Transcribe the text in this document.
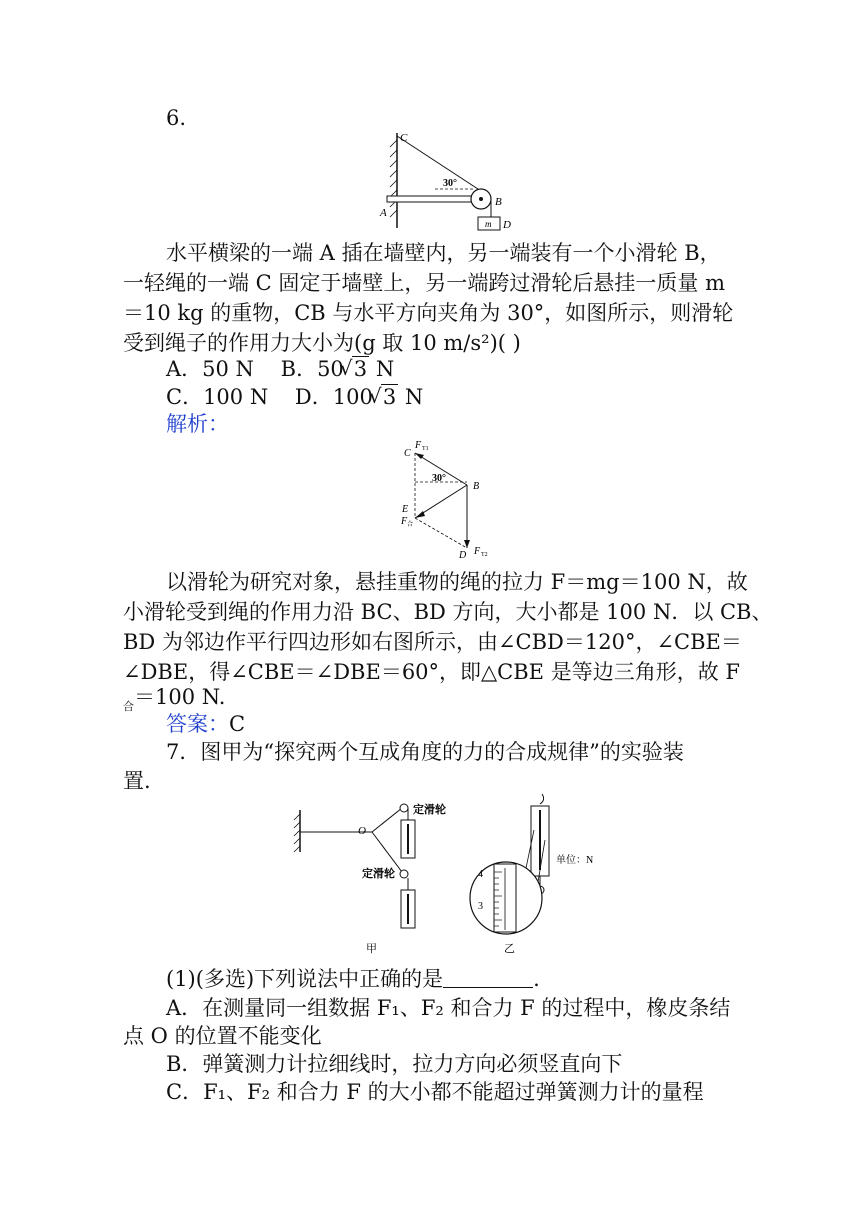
6.
C
A
B
D
30°
m
水平横梁的一端 A 插在墙壁内，另一端装有一个小滑轮 B，
一轻绳的一端 C 固定于墙壁上，另一端跨过滑轮后悬挂一质量 m
＝10 kg 的重物，CB 与水平方向夹角为 30°，如图所示，则滑轮
受到绳子的作用力大小为(g 取 10 m/s²)( )
A．50 N B．50 √ 3 N
C．100 N D．100 √ 3 N
解析：
C
F T1
30°
B
E
F 合
D F T2
以滑轮为研究对象，悬挂重物的绳的拉力 F＝mg＝100 N，故
小滑轮受到绳的作用力沿 BC、BD 方向，大小都是 100 N．以 CB、
BD 为邻边作平行四边形如右图所示，由∠CBD＝120°，∠CBE＝
∠DBE，得∠CBE＝∠DBE＝60°，即△CBE 是等边三角形，故 F
$_合$＝100 N.
答案：C
7．图甲为“探究两个互成角度的力的合成规律”的实验装
置.
定滑轮
定滑轮
O
甲
4
3
单位：N
乙
(1)(多选)下列说法中正确的是	.
A．在测量同一组数据 F₁、F₂ 和合力 F 的过程中，橡皮条结
点 O 的位置不能变化
B．弹簧测力计拉细线时，拉力方向必须竖直向下
C．F₁、F₂ 和合力 F 的大小都不能超过弹簧测力计的量程
